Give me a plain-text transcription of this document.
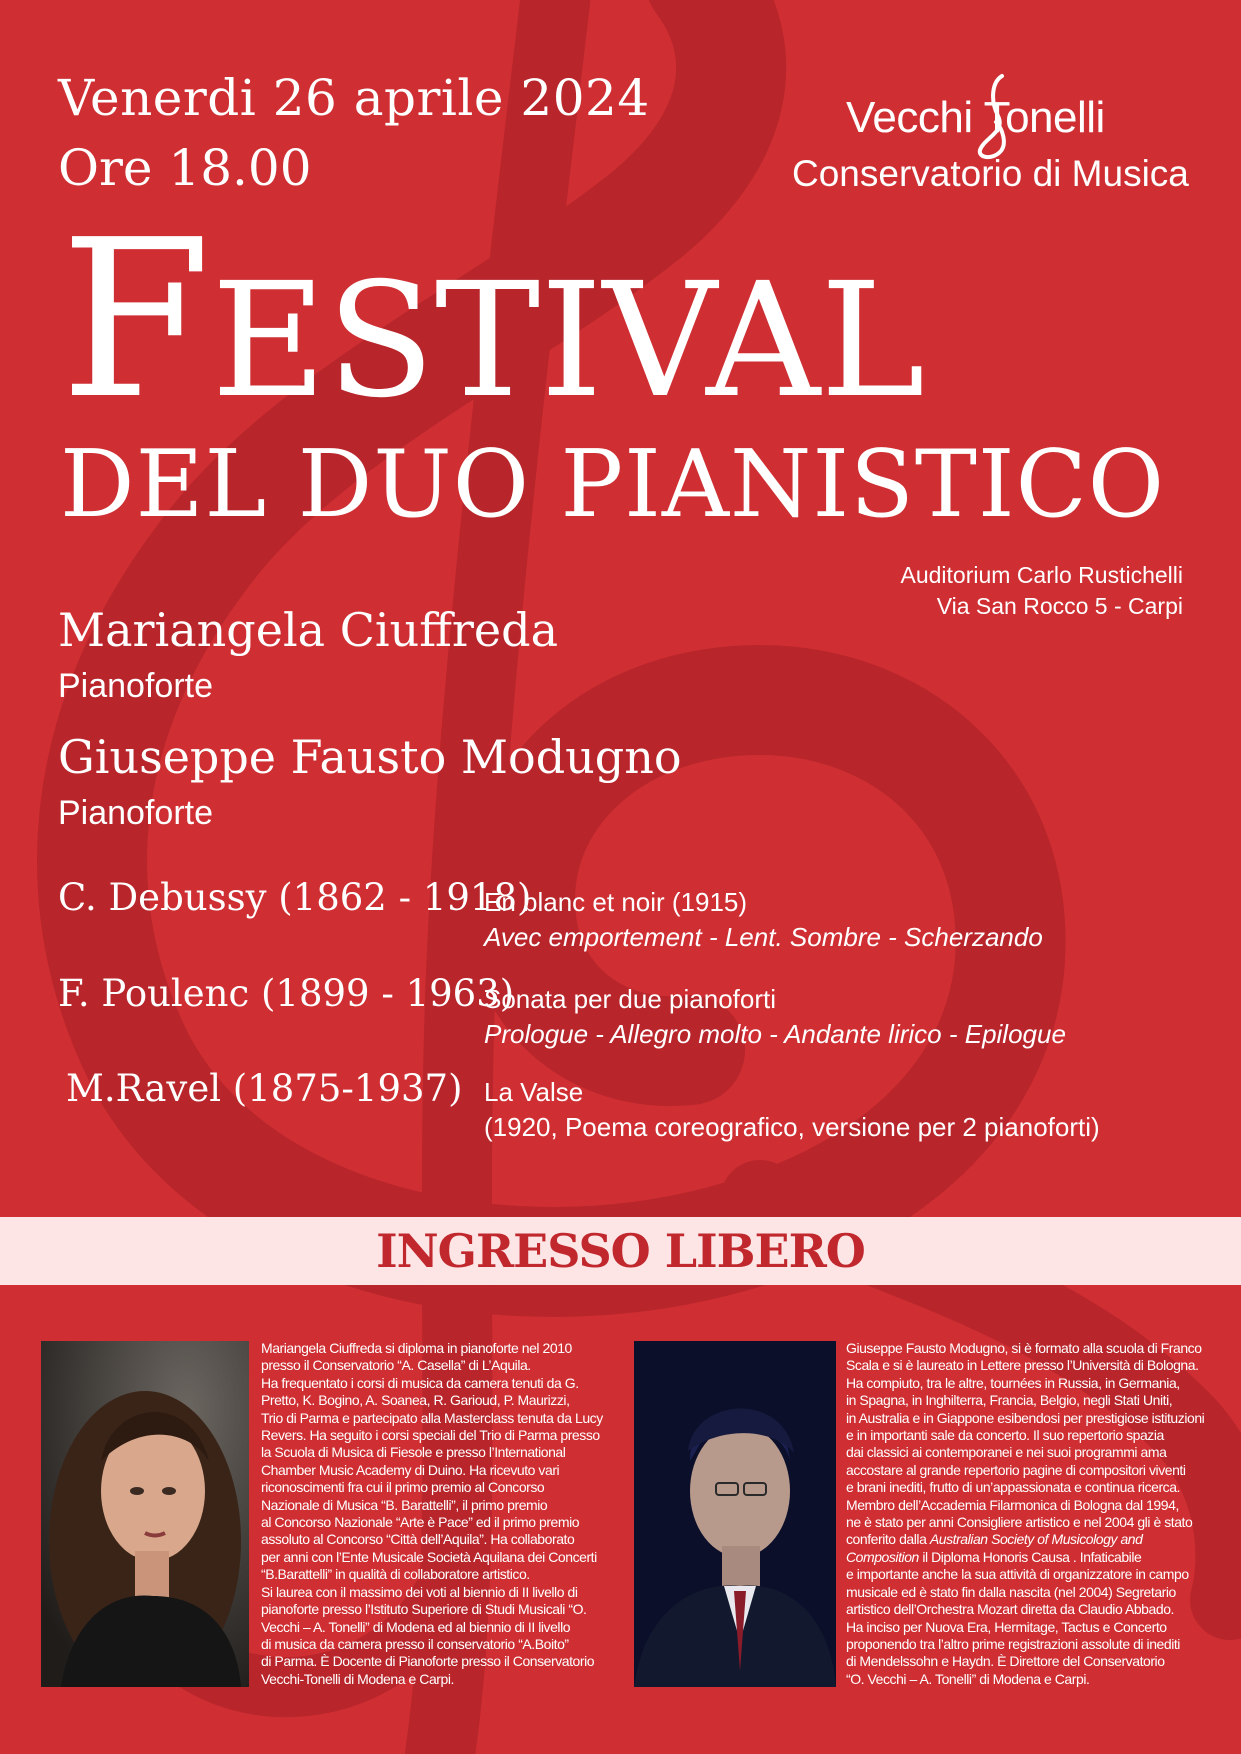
Venerdi 26 aprile 2024
Ore 18.00
Vecchi Tonelli
Conservatorio di Musica
FESTIVAL
DEL DUO PIANISTICO
Auditorium Carlo Rustichelli
Via San Rocco 5 - Carpi
Mariangela Ciuffreda
Pianoforte
Giuseppe Fausto Modugno
Pianoforte
C. Debussy (1862 - 1918)
En blanc et noir (1915)
Avec emportement - Lent. Sombre - Scherzando
F. Poulenc (1899 - 1963)
Sonata per due pianoforti
Prologue - Allegro molto - Andante lirico - Epilogue
M.Ravel (1875-1937) La Valse
(1920, Poema coreografico, versione per 2 pianoforti)
INGRESSO LIBERO
Mariangela Ciuffreda si diploma in pianoforte nel 2010
presso il Conservatorio “A. Casella” di L’Aquila.
Ha frequentato i corsi di musica da camera tenuti da G.
Pretto, K. Bogino, A. Soanea, R. Garioud, P. Maurizzi,
Trio di Parma e partecipato alla Masterclass tenuta da Lucy
Revers. Ha seguito i corsi speciali del Trio di Parma presso
la Scuola di Musica di Fiesole e presso l’International
Chamber Music Academy di Duino. Ha ricevuto vari
riconoscimenti fra cui il primo premio al Concorso
Nazionale di Musica “B. Barattelli”, il primo premio
al Concorso Nazionale “Arte è Pace” ed il primo premio
assoluto al Concorso “Città dell’Aquila”. Ha collaborato
per anni con l’Ente Musicale Società Aquilana dei Concerti
“B.Barattelli” in qualità di collaboratore artistico.
Si laurea con il massimo dei voti al biennio di II livello di
pianoforte presso l’Istituto Superiore di Studi Musicali “O.
Vecchi – A. Tonelli” di Modena ed al biennio di II livello
di musica da camera presso il conservatorio “A.Boito”
di Parma. È Docente di Pianoforte presso il Conservatorio
Vecchi-Tonelli di Modena e Carpi.
Giuseppe Fausto Modugno, si è formato alla scuola di Franco
Scala e si è laureato in Lettere presso l’Università di Bologna.
Ha compiuto, tra le altre, tournées in Russia, in Germania,
in Spagna, in Inghilterra, Francia, Belgio, negli Stati Uniti,
in Australia e in Giappone esibendosi per prestigiose istituzioni
e in importanti sale da concerto. Il suo repertorio spazia
dai classici ai contemporanei e nei suoi programmi ama
accostare al grande repertorio pagine di compositori viventi
e brani inediti, frutto di un’appassionata e continua ricerca.
Membro dell’Accademia Filarmonica di Bologna dal 1994,
ne è stato per anni Consigliere artistico e nel 2004 gli è stato
conferito dalla Australian Society of Musicology and
Composition il Diploma Honoris Causa . Infaticabile
e importante anche la sua attività di organizzatore in campo
musicale ed è stato fin dalla nascita (nel 2004) Segretario
artistico dell’Orchestra Mozart diretta da Claudio Abbado.
Ha inciso per Nuova Era, Hermitage, Tactus e Concerto
proponendo tra l’altro prime registrazioni assolute di inediti
di Mendelssohn e Haydn. È Direttore del Conservatorio
“O. Vecchi – A. Tonelli” di Modena e Carpi.
